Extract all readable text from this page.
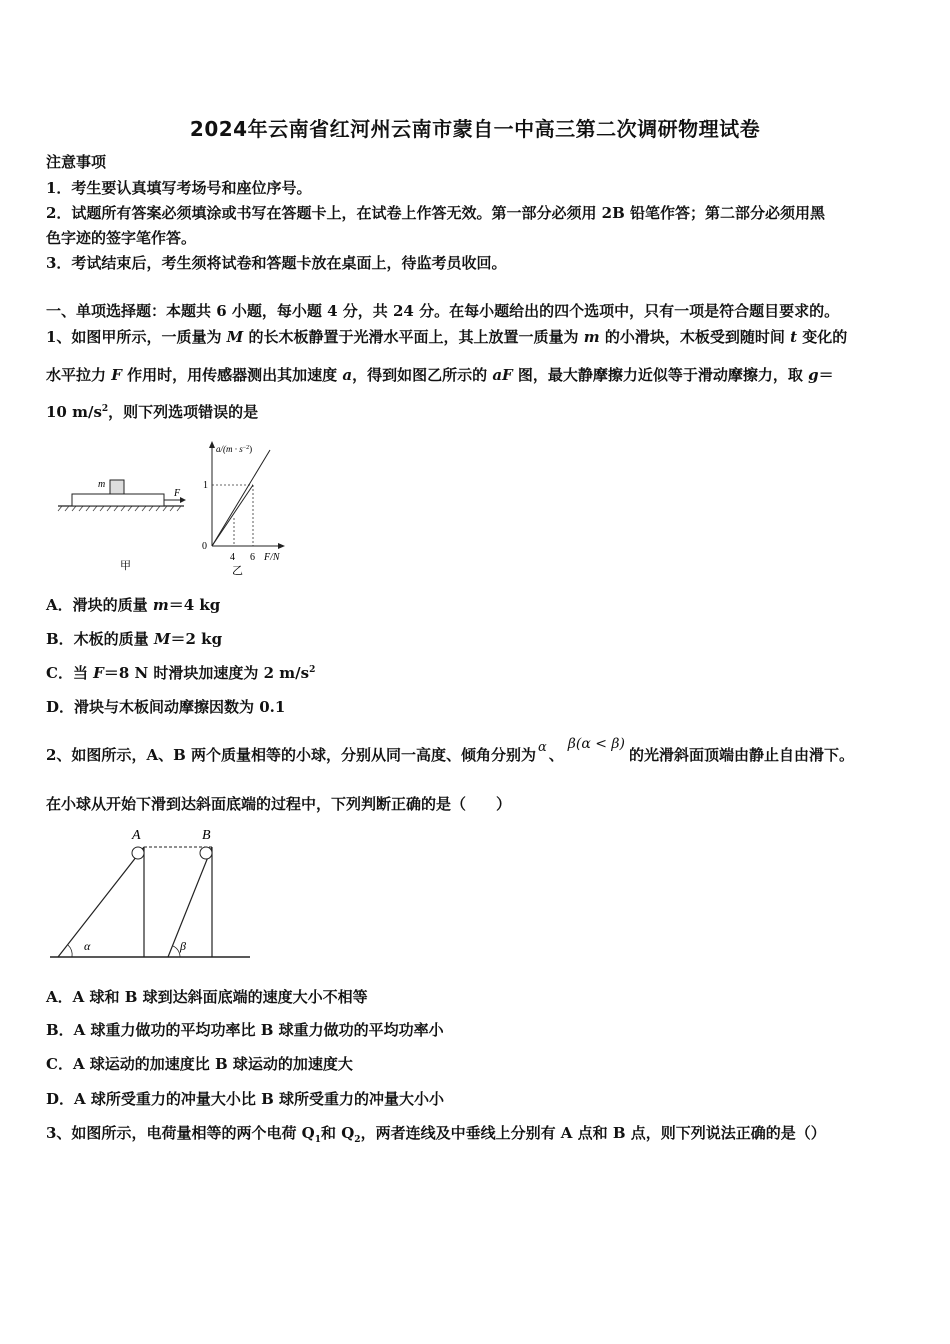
2024年云南省红河州云南市蒙自一中高三第二次调研物理试卷
注意事项
1．考生要认真填写考场号和座位序号。
2．试题所有答案必须填涂或书写在答题卡上，在试卷上作答无效。第一部分必须用 2B 铅笔作答；第二部分必须用黑
色字迹的签字笔作答。
3．考试结束后，考生须将试卷和答题卡放在桌面上，待监考员收回。
一、单项选择题：本题共 6 小题，每小题 4 分，共 24 分。在每小题给出的四个选项中，只有一项是符合题目要求的。
1、如图甲所示，一质量为 M 的长木板静置于光滑水平面上，其上放置一质量为 m 的小滑块，木板受到随时间 t 变化的
水平拉力 F 作用时，用传感器测出其加速度 a，得到如图乙所示的 aF 图，最大静摩擦力近似等于滑动摩擦力，取 g＝
10 $m/s^2$，则下列选项错误的是
m
F
甲
$a/(m \cdot s^{-2})$
1
0
4 6 F/N
乙
A．滑块的质量 m＝4 kg
B．木板的质量 M＝2 kg
C．当 F＝8 N 时滑块加速度为 2 $m/s^2$
D．滑块与木板间动摩擦因数为 0.1
2、如图所示，A、B 两个质量相等的小球，分别从同一高度、倾角分别为 α 、β(α < β)的光滑斜面顶端由静止自由滑下。
在小球从开始下滑到达斜面底端的过程中，下列判断正确的是（　　）
A	B
α	β
A．A 球和 B 球到达斜面底端的速度大小不相等
B．A 球重力做功的平均功率比 B 球重力做功的平均功率小
C．A 球运动的加速度比 B 球运动的加速度大
D．A 球所受重力的冲量大小比 B 球所受重力的冲量大小小
3、如图所示，电荷量相等的两个电荷 $Q_1$和 $Q_2$，两者连线及中垂线上分别有 A 点和 B 点，则下列说法正确的是（）
